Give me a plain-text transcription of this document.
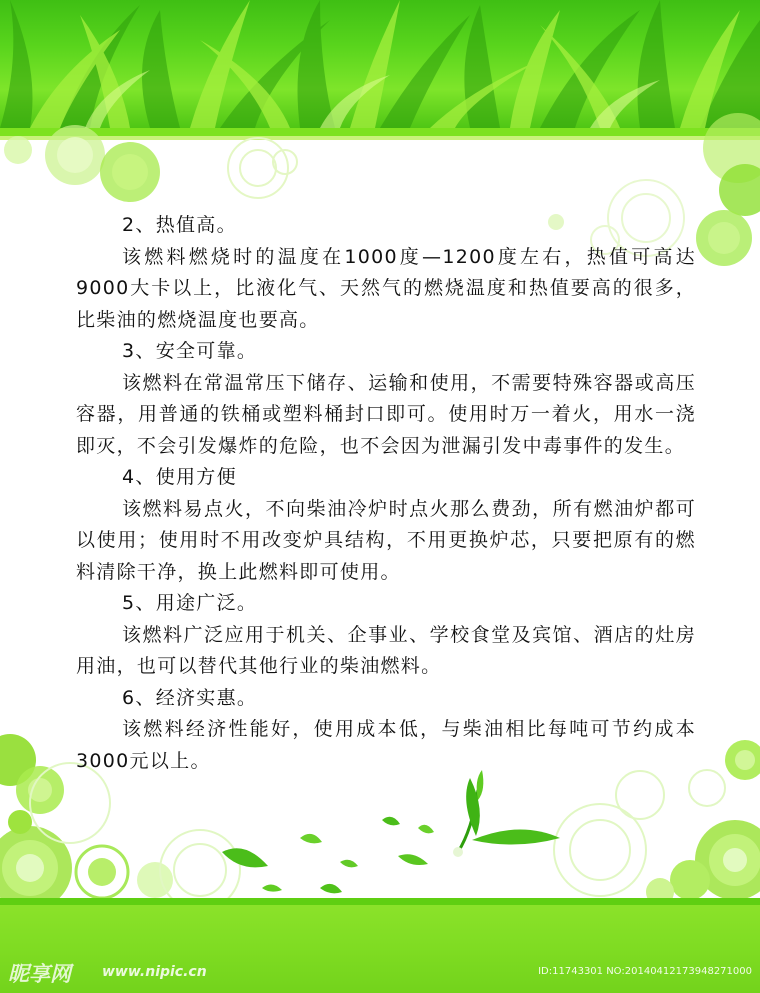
2、热值高。

该燃料燃烧时的温度在1000度—1200度左右，热值可高达9000大卡以上，比液化气、天然气的燃烧温度和热值要高的很多，比柴油的燃烧温度也要高。

3、安全可靠。

该燃料在常温常压下储存、运输和使用，不需要特殊容器或高压容器，用普通的铁桶或塑料桶封口即可。使用时万一着火，用水一浇即灭，不会引发爆炸的危险，也不会因为泄漏引发中毒事件的发生。

4、使用方便

该燃料易点火，不向柴油冷炉时点火那么费劲，所有燃油炉都可以使用；使用时不用改变炉具结构，不用更换炉芯，只要把原有的燃料清除干净，换上此燃料即可使用。

5、用途广泛。

该燃料广泛应用于机关、企事业、学校食堂及宾馆、酒店的灶房用油，也可以替代其他行业的柴油燃料。

6、经济实惠。

该燃料经济性能好，使用成本低，与柴油相比每吨可节约成本3000元以上。

昵享网 www.nipic.cn	ID:11743301 NO:20140412173948271000
